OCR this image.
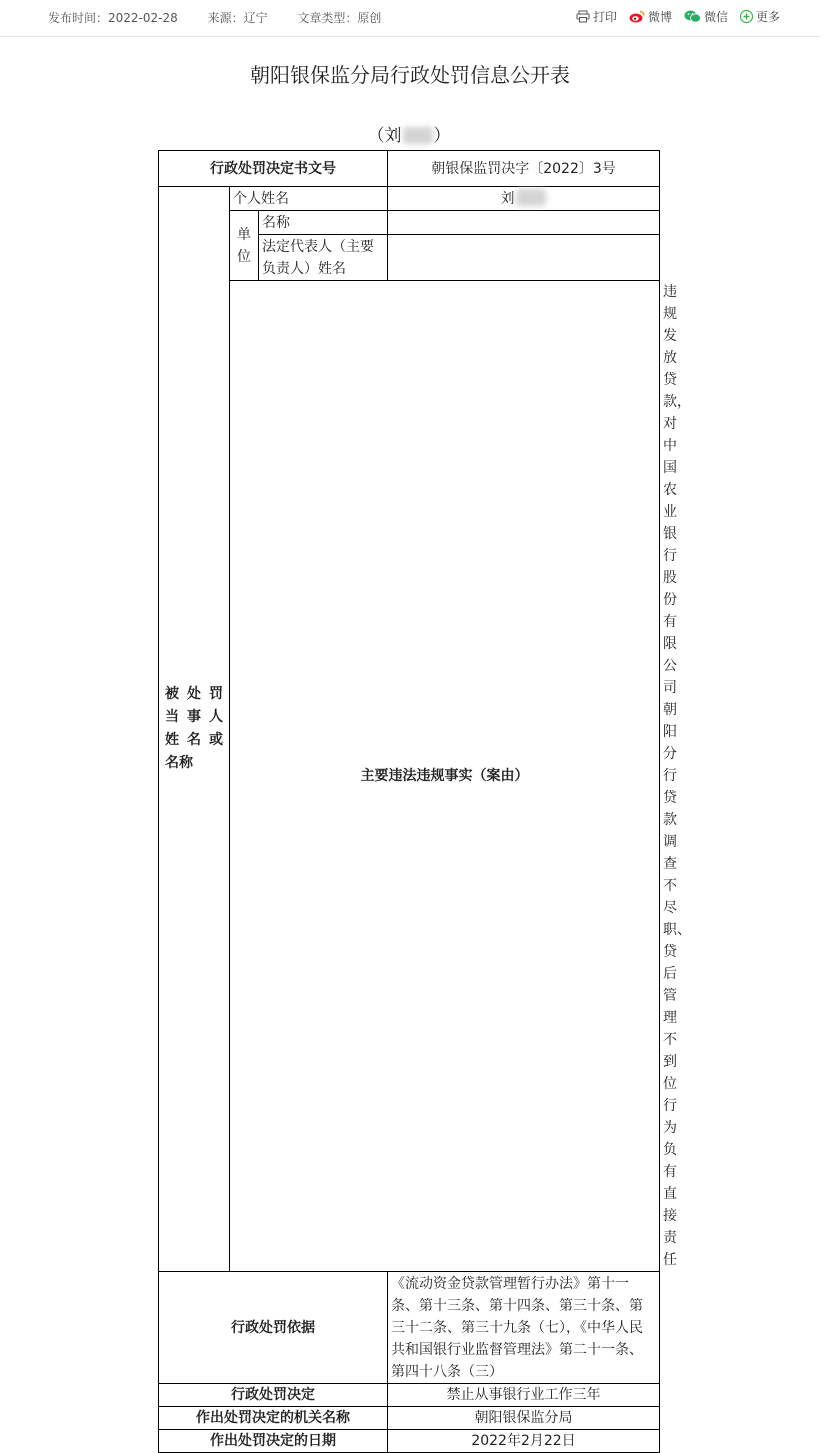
发布时间：2022-02-28 来源：辽宁 文章类型：原创	打印	微博	微信 更多
朝阳银保监分局行政处罚信息公开表
（刘 ）
行政处罚决定书文号			朝银保监罚决字〔2022〕3号	

被 处 罚
当 事 人
姓 名 或
名称	个人姓名		刘	
	单位	名称		
		法定代表人（主要负责人）姓名		
	主要违法违规事实（案由）			违规发放贷款，对中国农业银行股份有限公司朝阳分行贷款调查不尽职、贷后管理不到位行为负有直接责任
行政处罚依据			《流动资金贷款管理暂行办法》第十一条、第十三条、第十四条、第三十条、第三十二条、第三十九条（七），《中华人民共和国银行业监督管理法》第二十一条、第四十八条（三）	
行政处罚决定			禁止从事银行业工作三年	
作出处罚决定的机关名称			朝阳银保监分局	
作出处罚决定的日期			2022年2月22日	
